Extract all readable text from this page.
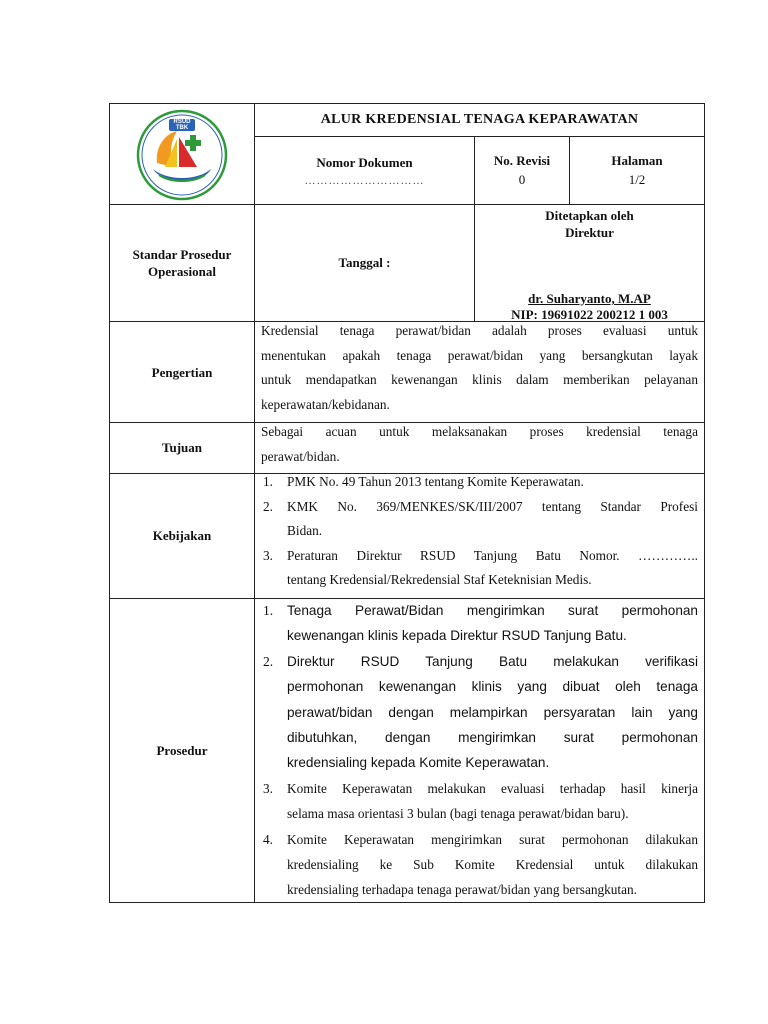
RSUD TBK
ALUR KREDENSIAL TENAGA KEPARAWATAN
Nomor Dokumen
…………………………
No. Revisi
0
Halaman
1/2
Standar Prosedur Operasional
Tanggal :
Ditetapkan oleh
Direktur
dr. Suharyanto, M.AP
NIP: 19691022 200212 1 003
Pengertian
Kredensial tenaga perawat/bidan adalah proses evaluasi untuk
menentukan apakah tenaga perawat/bidan yang bersangkutan layak
untuk mendapatkan kewenangan klinis dalam memberikan pelayanan
keperawatan/kebidanan.
Tujuan
Sebagai acuan untuk melaksanakan proses kredensial tenaga
perawat/bidan.
Kebijakan
1. PMK No. 49 Tahun 2013 tentang Komite Keperawatan.
2. KMK No. 369/MENKES/SK/III/2007 tentang Standar Profesi
Bidan.
3. Peraturan Direktur RSUD Tanjung Batu Nomor. …………..
tentang Kredensial/Rekredensial Staf Keteknisian Medis.
Prosedur
1. Tenaga Perawat/Bidan mengirimkan surat permohonan
kewenangan klinis kepada Direktur RSUD Tanjung Batu.
2. Direktur RSUD Tanjung Batu melakukan verifikasi
permohonan kewenangan klinis yang dibuat oleh tenaga
perawat/bidan dengan melampirkan persyaratan lain yang
dibutuhkan, dengan mengirimkan surat permohonan
kredensialing kepada Komite Keperawatan.
3. Komite Keperawatan melakukan evaluasi terhadap hasil kinerja
selama masa orientasi 3 bulan (bagi tenaga perawat/bidan baru).
4. Komite Keperawatan mengirimkan surat permohonan dilakukan
kredensialing ke Sub Komite Kredensial untuk dilakukan
kredensialing terhadapa tenaga perawat/bidan yang bersangkutan.
